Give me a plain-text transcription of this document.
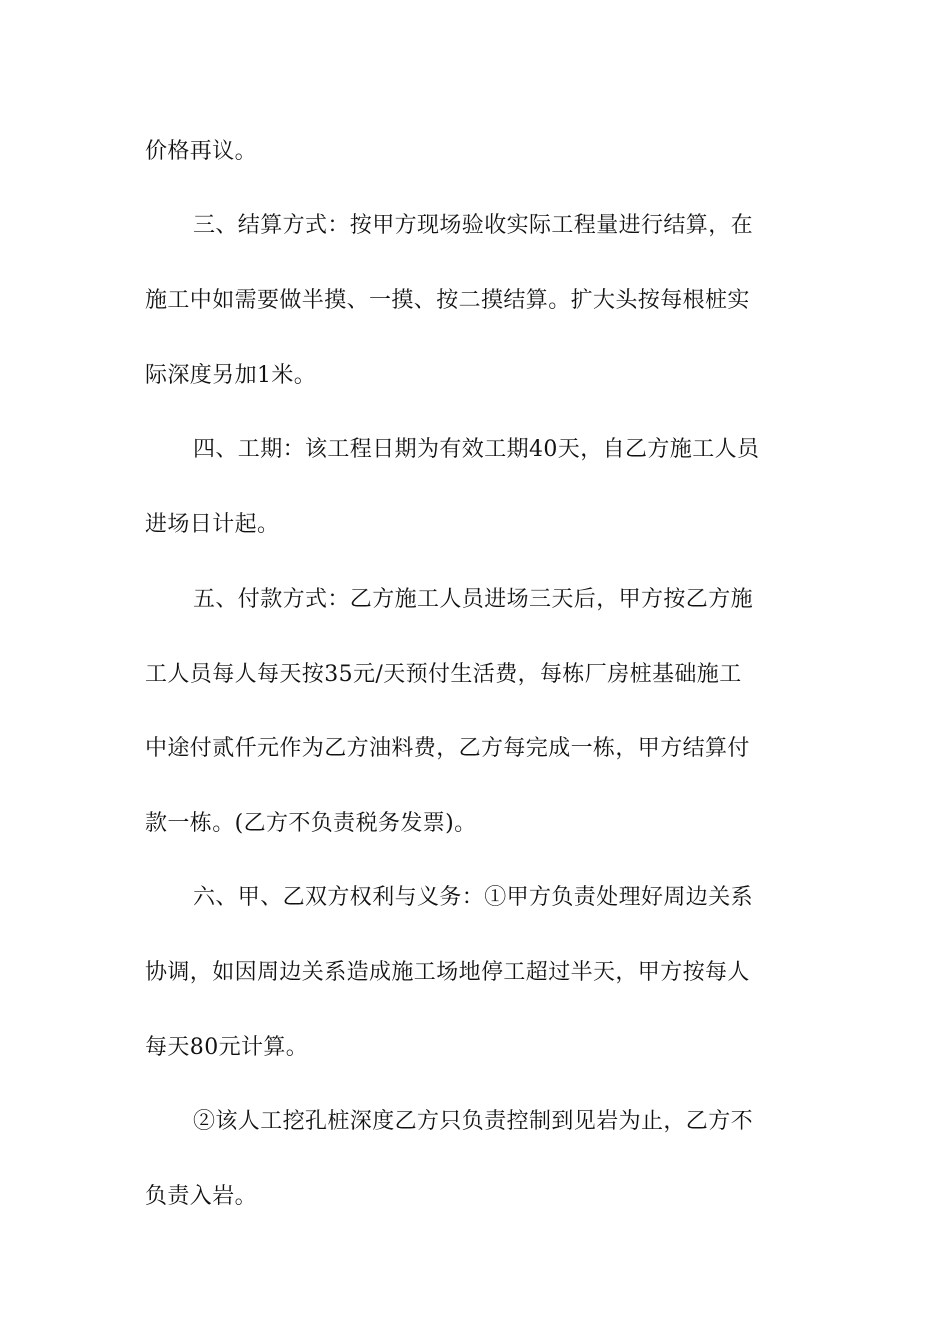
价格再议。
三、结算方式：按甲方现场验收实际工程量进行结算，在
施工中如需要做半摸、一摸、按二摸结算。扩大头按每根桩实
际深度另加1米。
四、工期：该工程日期为有效工期40天，自乙方施工人员
进场日计起。
五、付款方式：乙方施工人员进场三天后，甲方按乙方施
工人员每人每天按35元/天预付生活费，每栋厂房桩基础施工
中途付贰仟元作为乙方油料费，乙方每完成一栋，甲方结算付
款一栋。(乙方不负责税务发票)。
六、甲、乙双方权利与义务：①甲方负责处理好周边关系
协调，如因周边关系造成施工场地停工超过半天，甲方按每人
每天80元计算。
②该人工挖孔桩深度乙方只负责控制到见岩为止，乙方不
负责入岩。
